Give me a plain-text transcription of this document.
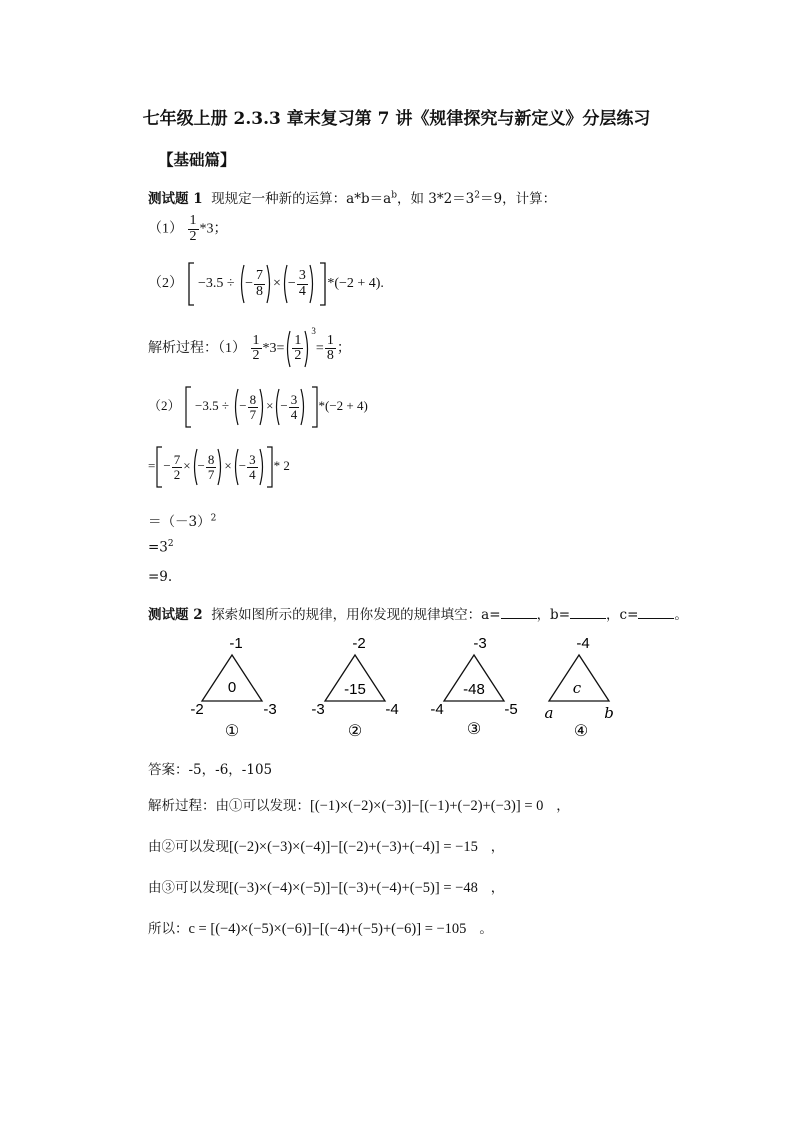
七年级上册 2.3.3 章末复习第 7 讲《规律探究与新定义》分层练习
【基础篇】
测试题 1 现规定一种新的运算：$a*b=a^b$，如 $3*2=3^2=9$，计算：
$(1) \frac{1}{2} *3$；
（2） −3.5 ÷ − $\frac{7}{8}$ × − $\frac{3}{4} *(-2 + 4)$.
解析过程：$(1) \frac{1}{2} *3= \frac{1}{2}$
$^3= \frac{1}{8}$ ；
（2） −3.5 ÷ − $\frac{8}{7}$ × − $\frac{3}{4} *(-2 + 4)$
= − $\frac{7}{2}$ × − $\frac{8}{7}$ × − $\frac{3}{4} * 2$
$=(-3)^2$
$=3^2$
=9.
测试题 2 探索如图所示的规律，用你发现的规律填空：a=	，b=	，c=	。
-1
-2	-3
0
①
-2
-3	-4
-15
②
-3
-4	-5
-48
③
-4
a	b
c
④
答案：-5，-6，-105
解析过程：由①可以发现：[(−1)×(−2)×(−3)]−[(−1)+(−2)+(−3)] = 0 ，
由②可以发现[(−2)×(−3)×(−4)]−[(−2)+(−3)+(−4)] = −15 ，
由③可以发现[(−3)×(−4)×(−5)]−[(−3)+(−4)+(−5)] = −48 ，
所以：c = [(−4)×(−5)×(−6)]−[(−4)+(−5)+(−6)] = −105 。
